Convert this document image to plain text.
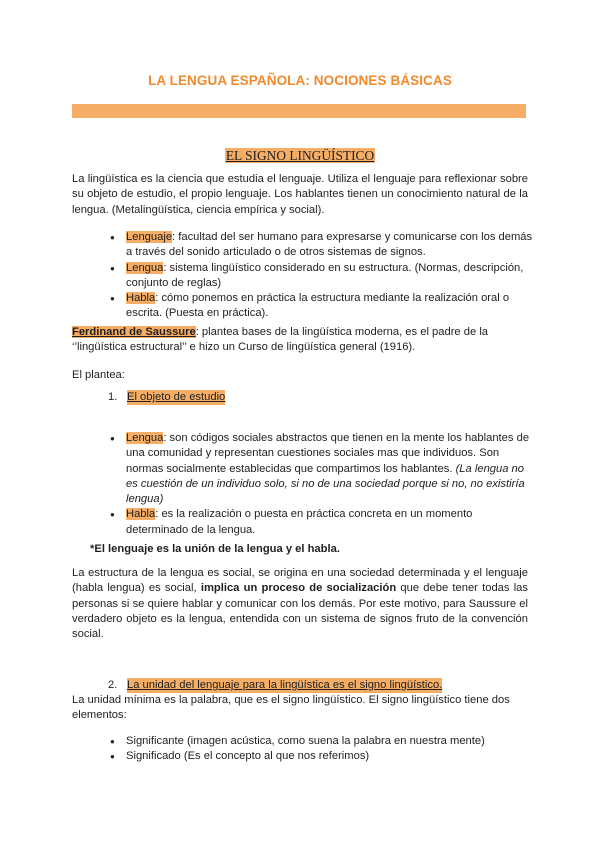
LA LENGUA ESPAÑOLA: NOCIONES BÁSICAS
EL SIGNO LINGÜÍSTICO
La lingüística es la ciencia que estudia el lenguaje. Utiliza el lenguaje para reflexionar sobre su objeto de estudio, el propio lenguaje. Los hablantes tienen un conocimiento natural de la lengua. (Metalingüística, ciencia empírica y social).
● Lenguaje: facultad del ser humano para expresarse y comunicarse con los demás a través del sonido articulado o de otros sistemas de signos.
● Lengua: sistema lingüístico considerado en su estructura. (Normas, descripción, conjunto de reglas)
● Habla: cómo ponemos en práctica la estructura mediante la realización oral o escrita. (Puesta en práctica).
Ferdinand de Saussure: plantea bases de la lingüística moderna, es el padre de la ‘’lingüística estructural’’ e hizo un Curso de lingüística general (1916).
El plantea:
1. El objeto de estudio
● Lengua: son códigos sociales abstractos que tienen en la mente los hablantes de una comunidad y representan cuestiones sociales mas que individuos. Son normas socialmente establecidas que compartimos los hablantes. (La lengua no es cuestión de un individuo solo, si no de una sociedad porque si no, no existiría lengua)
● Habla: es la realización o puesta en práctica concreta en un momento determinado de la lengua.
*El lenguaje es la unión de la lengua y el habla.
La estructura de la lengua es social, se origina en una sociedad determinada y el lenguaje (habla lengua) es social, implica un proceso de socialización que debe tener todas las personas si se quiere hablar y comunicar con los demás. Por este motivo, para Saussure el verdadero objeto es la lengua, entendida con un sistema de signos fruto de la convención social.
2. La unidad del lenguaje para la lingüística es el signo lingüístico.
La unidad mínima es la palabra, que es el signo lingüístico. El signo lingüístico tiene dos elementos:
● Significante (imagen acústica, como suena la palabra en nuestra mente)
● Significado (Es el concepto al que nos referimos)
